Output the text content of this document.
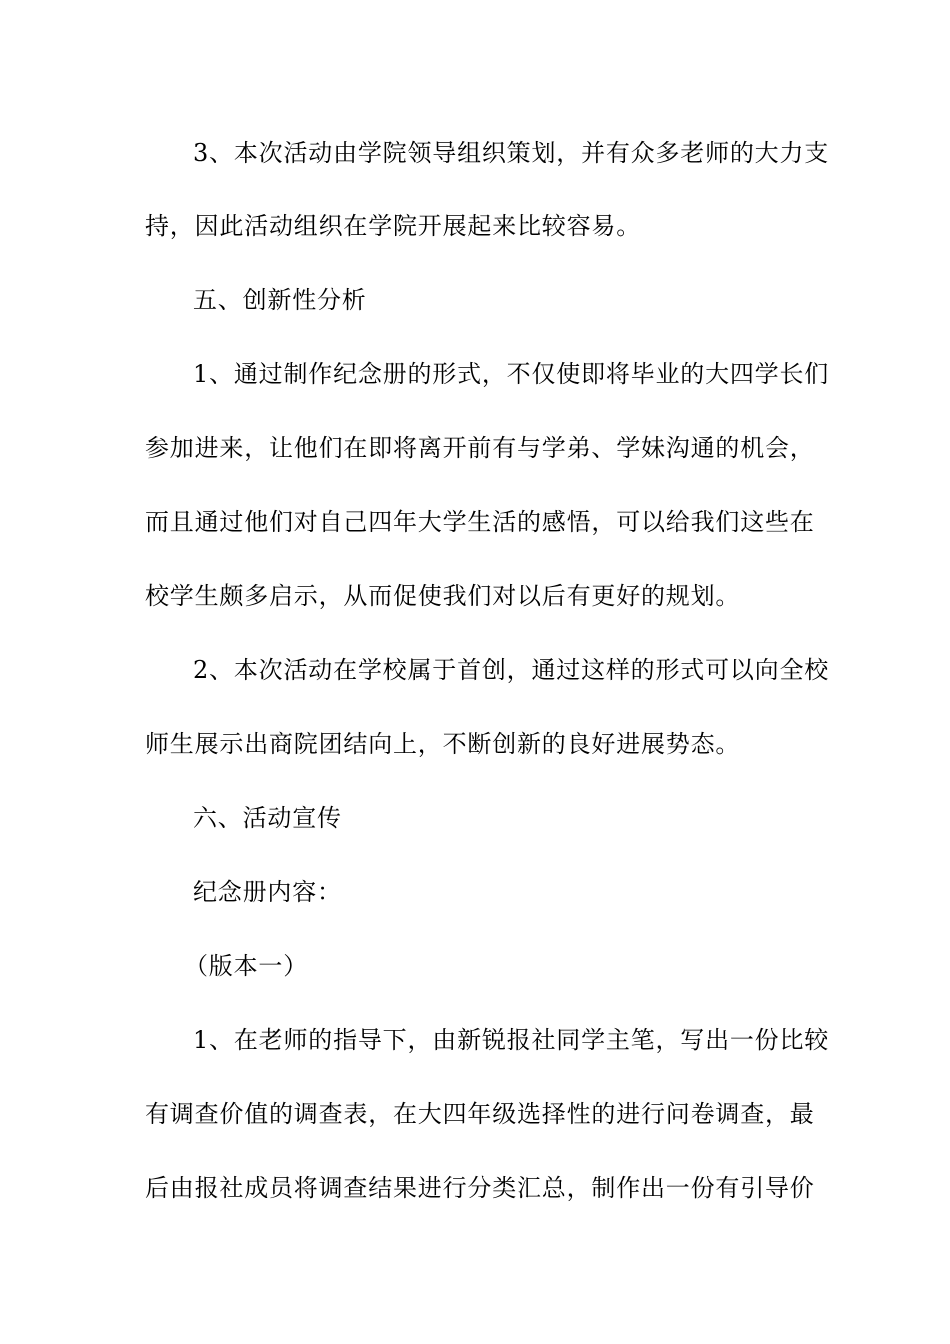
3、本次活动由学院领导组织策划，并有众多老师的大力支
持，因此活动组织在学院开展起来比较容易。
五、创新性分析
1、通过制作纪念册的形式，不仅使即将毕业的大四学长们
参加进来，让他们在即将离开前有与学弟、学妹沟通的机会，
而且通过他们对自己四年大学生活的感悟，可以给我们这些在
校学生颇多启示，从而促使我们对以后有更好的规划。
2、本次活动在学校属于首创，通过这样的形式可以向全校
师生展示出商院团结向上，不断创新的良好进展势态。
六、活动宣传
纪念册内容：
（版本一）
1、在老师的指导下，由新锐报社同学主笔，写出一份比较
有调查价值的调查表，在大四年级选择性的进行问卷调查，最
后由报社成员将调查结果进行分类汇总，制作出一份有引导价
